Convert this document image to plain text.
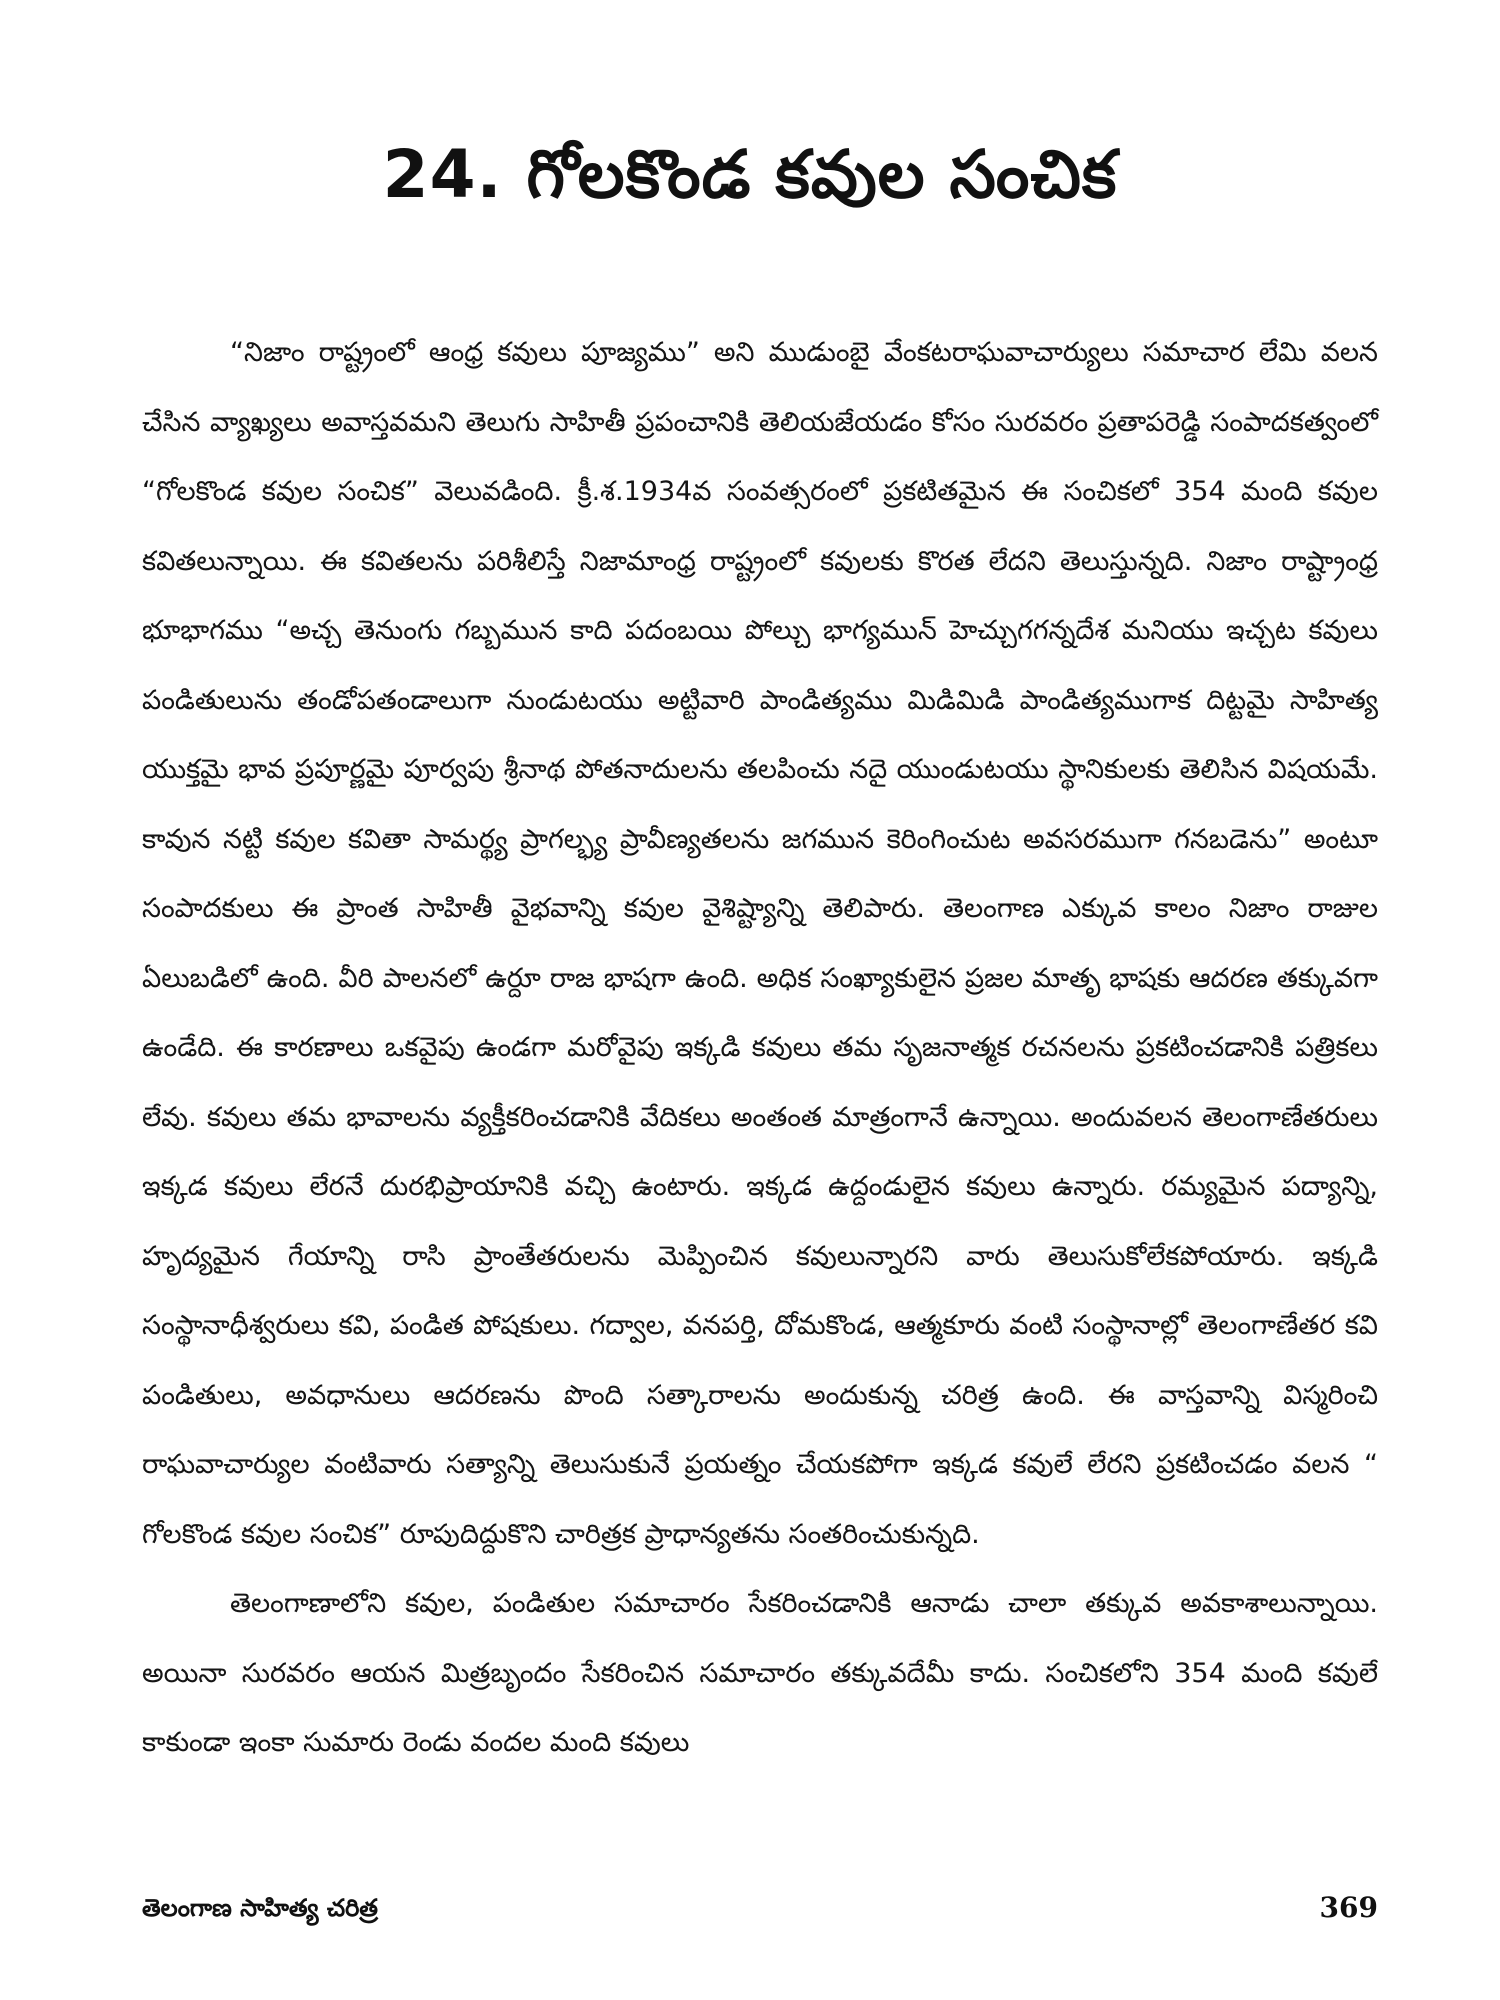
24. గోలకొండ కవుల సంచిక

“నిజాం రాష్ట్రంలో ఆంధ్ర కవులు పూజ్యము” అని ముడుంబై వేంకటరాఘవాచార్యులు సమాచార లేమి వలన చేసిన వ్యాఖ్యలు అవాస్తవమని తెలుగు సాహితీ ప్రపంచానికి తెలియజేయడం కోసం సురవరం ప్రతాపరెడ్డి సంపాదకత్వంలో “గోలకొండ కవుల సంచిక” వెలువడింది. క్రీ.శ.1934వ సంవత్సరంలో ప్రకటితమైన ఈ సంచికలో 354 మంది కవుల కవితలున్నాయి. ఈ కవితలను పరిశీలిస్తే నిజామాంధ్ర రాష్ట్రంలో కవులకు కొరత లేదని తెలుస్తున్నది. నిజాం రాష్ట్రాంధ్ర భూభాగము “అచ్చ తెనుంగు గబ్బమున కాది పదంబయి పోల్చు భాగ్యమున్ హెచ్చుగగన్నదేశ మనియు ఇచ్చట కవులు పండితులును తండోపతండాలుగా నుండుటయు అట్టివారి పాండిత్యము మిడిమిడి పాండిత్యముగాక దిట్టమై సాహిత్య యుక్తమై భావ ప్రపూర్ణమై పూర్వపు శ్రీనాథ పోతనాదులను తలపించు నదై యుండుటయు స్థానికులకు తెలిసిన విషయమే. కావున నట్టి కవుల కవితా సామర్థ్య ప్రాగల్భ్య ప్రావీణ్యతలను జగమున కెరింగించుట అవసరముగా గనబడెను” అంటూ సంపాదకులు ఈ ప్రాంత సాహితీ వైభవాన్ని కవుల వైశిష్ట్యాన్ని తెలిపారు. తెలంగాణ ఎక్కువ కాలం నిజాం రాజుల ఏలుబడిలో ఉంది. వీరి పాలనలో ఉర్దూ రాజ భాషగా ఉంది. అధిక సంఖ్యాకులైన ప్రజల మాతృ భాషకు ఆదరణ తక్కువగా ఉండేది. ఈ కారణాలు ఒకవైపు ఉండగా మరోవైపు ఇక్కడి కవులు తమ సృజనాత్మక రచనలను ప్రకటించడానికి పత్రికలు లేవు. కవులు తమ భావాలను వ్యక్తీకరించడానికి వేదికలు అంతంత మాత్రంగానే ఉన్నాయి. అందువలన తెలంగాణేతరులు ఇక్కడ కవులు లేరనే దురభిప్రాయానికి వచ్చి ఉంటారు. ఇక్కడ ఉద్దండులైన కవులు ఉన్నారు. రమ్యమైన పద్యాన్ని, హృద్యమైన గేయాన్ని రాసి ప్రాంతేతరులను మెప్పించిన కవులున్నారని వారు తెలుసుకోలేకపోయారు. ఇక్కడి సంస్థానాధీశ్వరులు కవి, పండిత పోషకులు. గద్వాల, వనపర్తి, దోమకొండ, ఆత్మకూరు వంటి సంస్థానాల్లో తెలంగాణేతర కవి పండితులు, అవధానులు ఆదరణను పొంది సత్కారాలను అందుకున్న చరిత్ర ఉంది. ఈ వాస్తవాన్ని విస్మరించి రాఘవాచార్యుల వంటివారు సత్యాన్ని తెలుసుకునే ప్రయత్నం చేయకపోగా ఇక్కడ కవులే లేరని ప్రకటించడం వలన “ గోలకొండ కవుల సంచిక” రూపుదిద్దుకొని చారిత్రక ప్రాధాన్యతను సంతరించుకున్నది.

తెలంగాణాలోని కవుల, పండితుల సమాచారం సేకరించడానికి ఆనాడు చాలా తక్కువ అవకాశాలున్నాయి. అయినా సురవరం ఆయన మిత్రబృందం సేకరించిన సమాచారం తక్కువదేమీ కాదు. సంచికలోని 354 మంది కవులే కాకుండా ఇంకా సుమారు రెండు వందల మంది కవులు

తెలంగాణ సాహిత్య చరిత్ర	369
